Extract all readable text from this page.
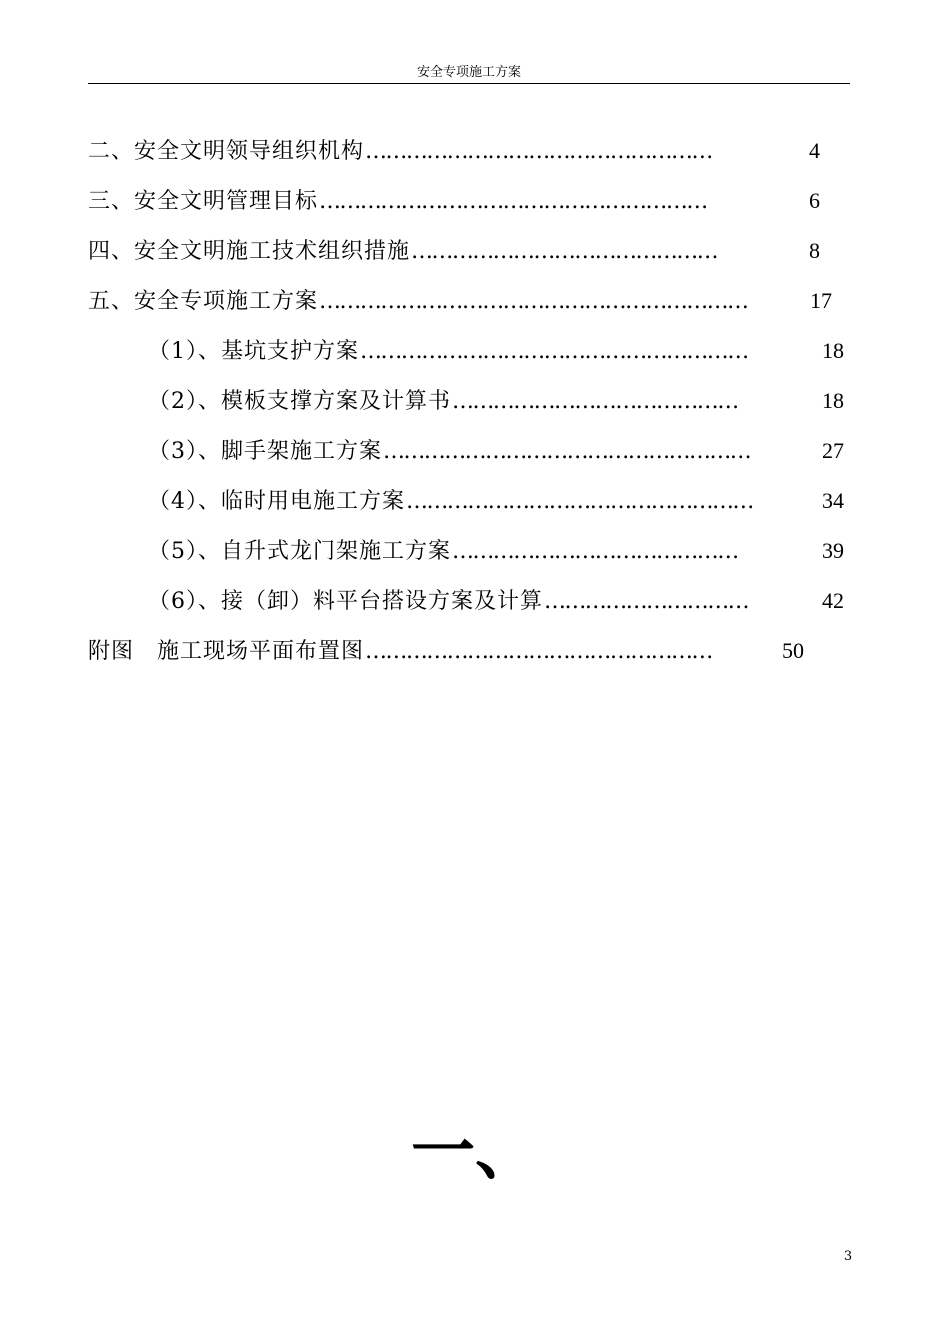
安全专项施工方案
二、安全文明领导组织机构 ……………………………………………	4
三、安全文明管理目标 …………………………………………………	6
四、安全文明施工技术组织措施 ………………………………………	8
五、安全专项施工方案 ………………………………………………………	17
（1）、基坑支护方案 …………………………………………………	18
（2）、模板支撑方案及计算书 ……………………………………	18
（3）、脚手架施工方案 ………………………………………………	27
（4）、临时用电施工方案 ……………………………………………	34
（5）、自升式龙门架施工方案 ……………………………………	39
（6）、接（卸）料平台搭设方案及计算 …………………………	42
附图　施工现场平面布置图 ……………………………………………	50
一、
3
